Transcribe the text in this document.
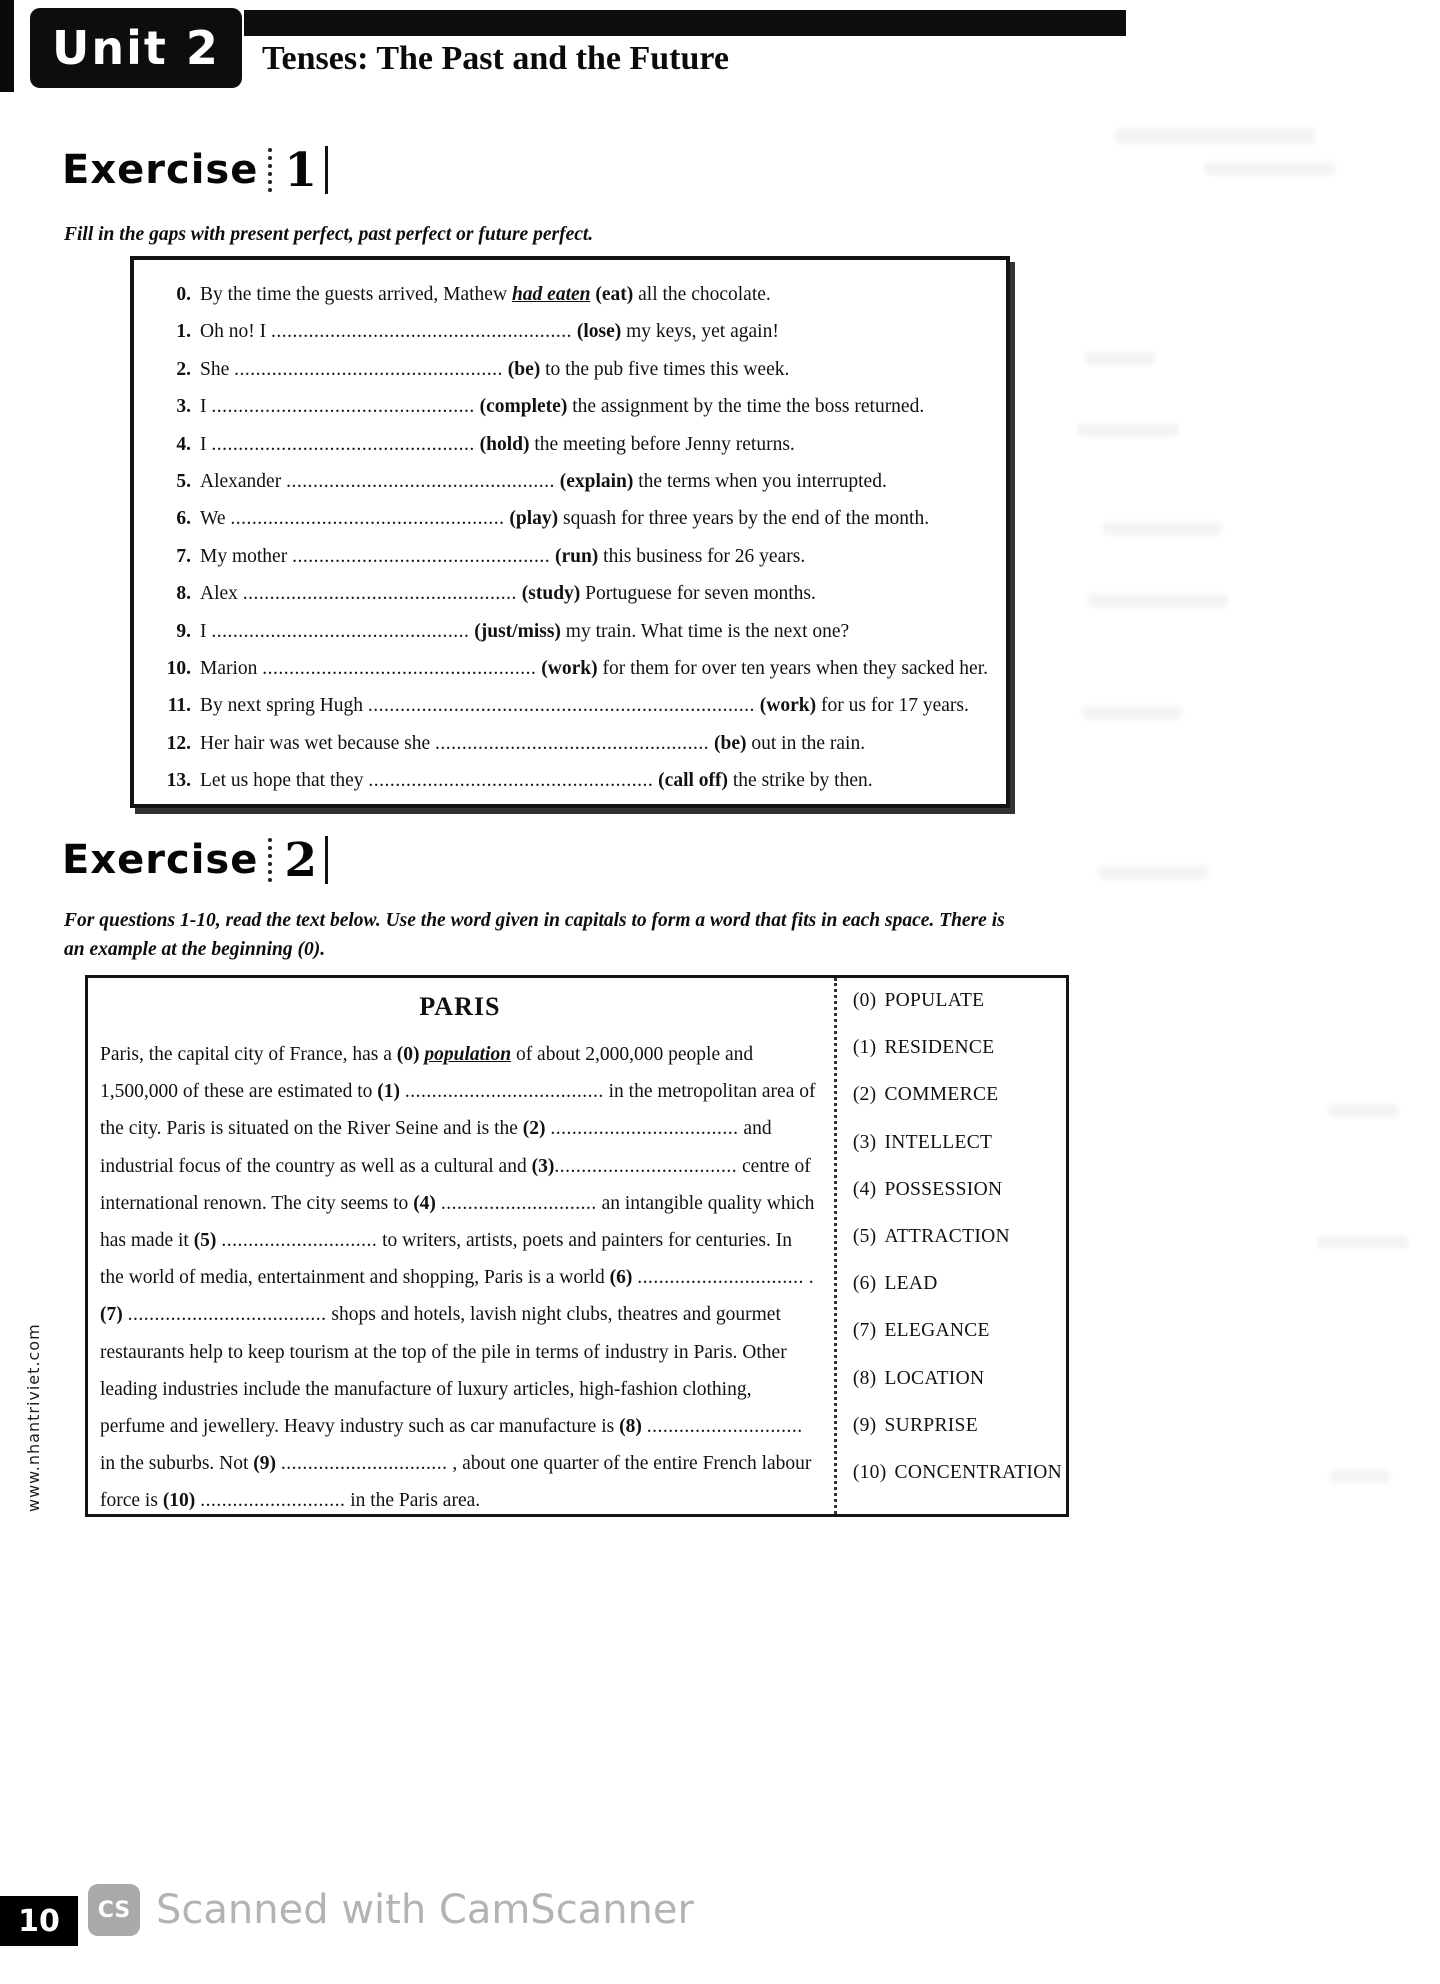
Unit 2 Tenses: The Past and the Future
Exercise 1
Fill in the gaps with present perfect, past perfect or future perfect.
0. By the time the guests arrived, Mathew had eaten (eat) all the chocolate.
1. Oh no! I ........................................................ (lose) my keys, yet again!
2. She .................................................. (be) to the pub five times this week.
3. I ................................................. (complete) the assignment by the time the boss returned.
4. I ................................................. (hold) the meeting before Jenny returns.
5. Alexander .................................................. (explain) the terms when you interrupted.
6. We ................................................... (play) squash for three years by the end of the month.
7. My mother ................................................ (run) this business for 26 years.
8. Alex ................................................... (study) Portuguese for seven months.
9. I ................................................ (just/miss) my train. What time is the next one?
10. Marion ................................................... (work) for them for over ten years when they sacked her.
11. By next spring Hugh ........................................................................ (work) for us for 17 years.
12. Her hair was wet because she ................................................... (be) out in the rain.
13. Let us hope that they ..................................................... (call off) the strike by then.
Exercise 2
For questions 1-10, read the text below. Use the word given in capitals to form a word that fits in each space. There is an example at the beginning (0).
PARIS

Paris, the capital city of France, has a (0) population of about 2,000,000 people and 1,500,000 of these are estimated to (1) ..................................... in the metropolitan area of the city. Paris is situated on the River Seine and is the (2) ................................... and industrial focus of the country as well as a cultural and (3).................................. centre of international renown. The city seems to (4) ............................. an intangible quality which has made it (5) ............................. to writers, artists, poets and painters for centuries. In the world of media, entertainment and shopping, Paris is a world (6) ............................... . (7) ..................................... shops and hotels, lavish night clubs, theatres and gourmet restaurants help to keep tourism at the top of the pile in terms of industry in Paris. Other leading industries include the manufacture of luxury articles, high-fashion clothing, perfume and jewellery. Heavy industry such as car manufacture is (8) ............................. in the suburbs. Not (9) ............................... , about one quarter of the entire French labour force is (10) ........................... in the Paris area.

(0) POPULATE
(1) RESIDENCE
(2) COMMERCE
(3) INTELLECT
(4) POSSESSION
(5) ATTRACTION
(6) LEAD
(7) ELEGANCE
(8) LOCATION
(9) SURPRISE
(10) CONCENTRATION
www.nhantriviet.com
10 CS Scanned with CamScanner
